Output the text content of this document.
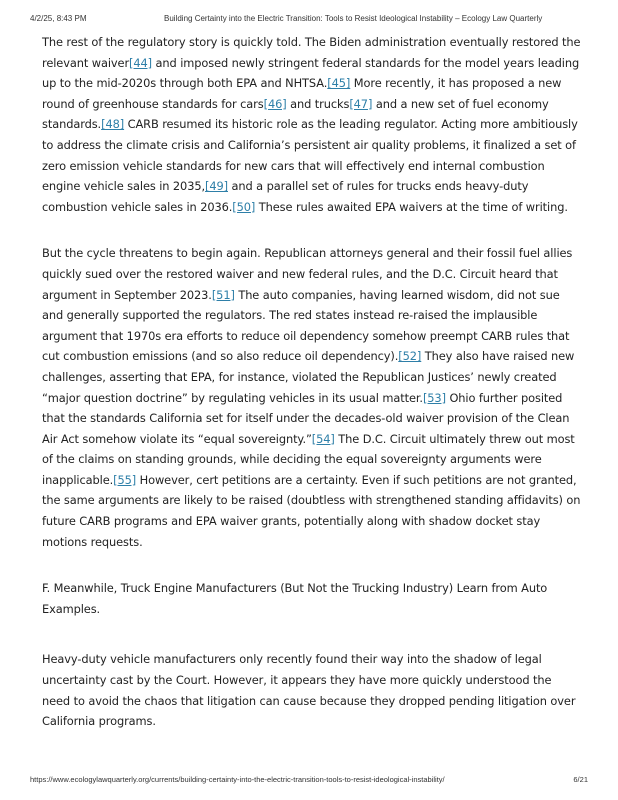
4/2/25, 8:43 PM	Building Certainty into the Electric Transition: Tools to Resist Ideological Instability – Ecology Law Quarterly

The rest of the regulatory story is quickly told. The Biden administration eventually restored the relevant waiver[44] and imposed newly stringent federal standards for the model years leading up to the mid-2020s through both EPA and NHTSA.[45] More recently, it has proposed a new round of greenhouse standards for cars[46] and trucks[47] and a new set of fuel economy standards.[48] CARB resumed its historic role as the leading regulator. Acting more ambitiously to address the climate crisis and California’s persistent air quality problems, it finalized a set of zero emission vehicle standards for new cars that will effectively end internal combustion engine vehicle sales in 2035,[49] and a parallel set of rules for trucks ends heavy-duty combustion vehicle sales in 2036.[50] These rules awaited EPA waivers at the time of writing.

But the cycle threatens to begin again. Republican attorneys general and their fossil fuel allies quickly sued over the restored waiver and new federal rules, and the D.C. Circuit heard that argument in September 2023.[51] The auto companies, having learned wisdom, did not sue and generally supported the regulators. The red states instead re-raised the implausible argument that 1970s era efforts to reduce oil dependency somehow preempt CARB rules that cut combustion emissions (and so also reduce oil dependency).[52] They also have raised new challenges, asserting that EPA, for instance, violated the Republican Justices’ newly created “major question doctrine” by regulating vehicles in its usual matter.[53] Ohio further posited that the standards California set for itself under the decades-old waiver provision of the Clean Air Act somehow violate its “equal sovereignty.”[54] The D.C. Circuit ultimately threw out most of the claims on standing grounds, while deciding the equal sovereignty arguments were inapplicable.[55] However, cert petitions are a certainty. Even if such petitions are not granted, the same arguments are likely to be raised (doubtless with strengthened standing affidavits) on future CARB programs and EPA waiver grants, potentially along with shadow docket stay motions requests.

F. Meanwhile, Truck Engine Manufacturers (But Not the Trucking Industry) Learn from Auto Examples.

Heavy-duty vehicle manufacturers only recently found their way into the shadow of legal uncertainty cast by the Court. However, it appears they have more quickly understood the need to avoid the chaos that litigation can cause because they dropped pending litigation over California programs.

https://www.ecologylawquarterly.org/currents/building-certainty-into-the-electric-transition-tools-to-resist-ideological-instability/	6/21
